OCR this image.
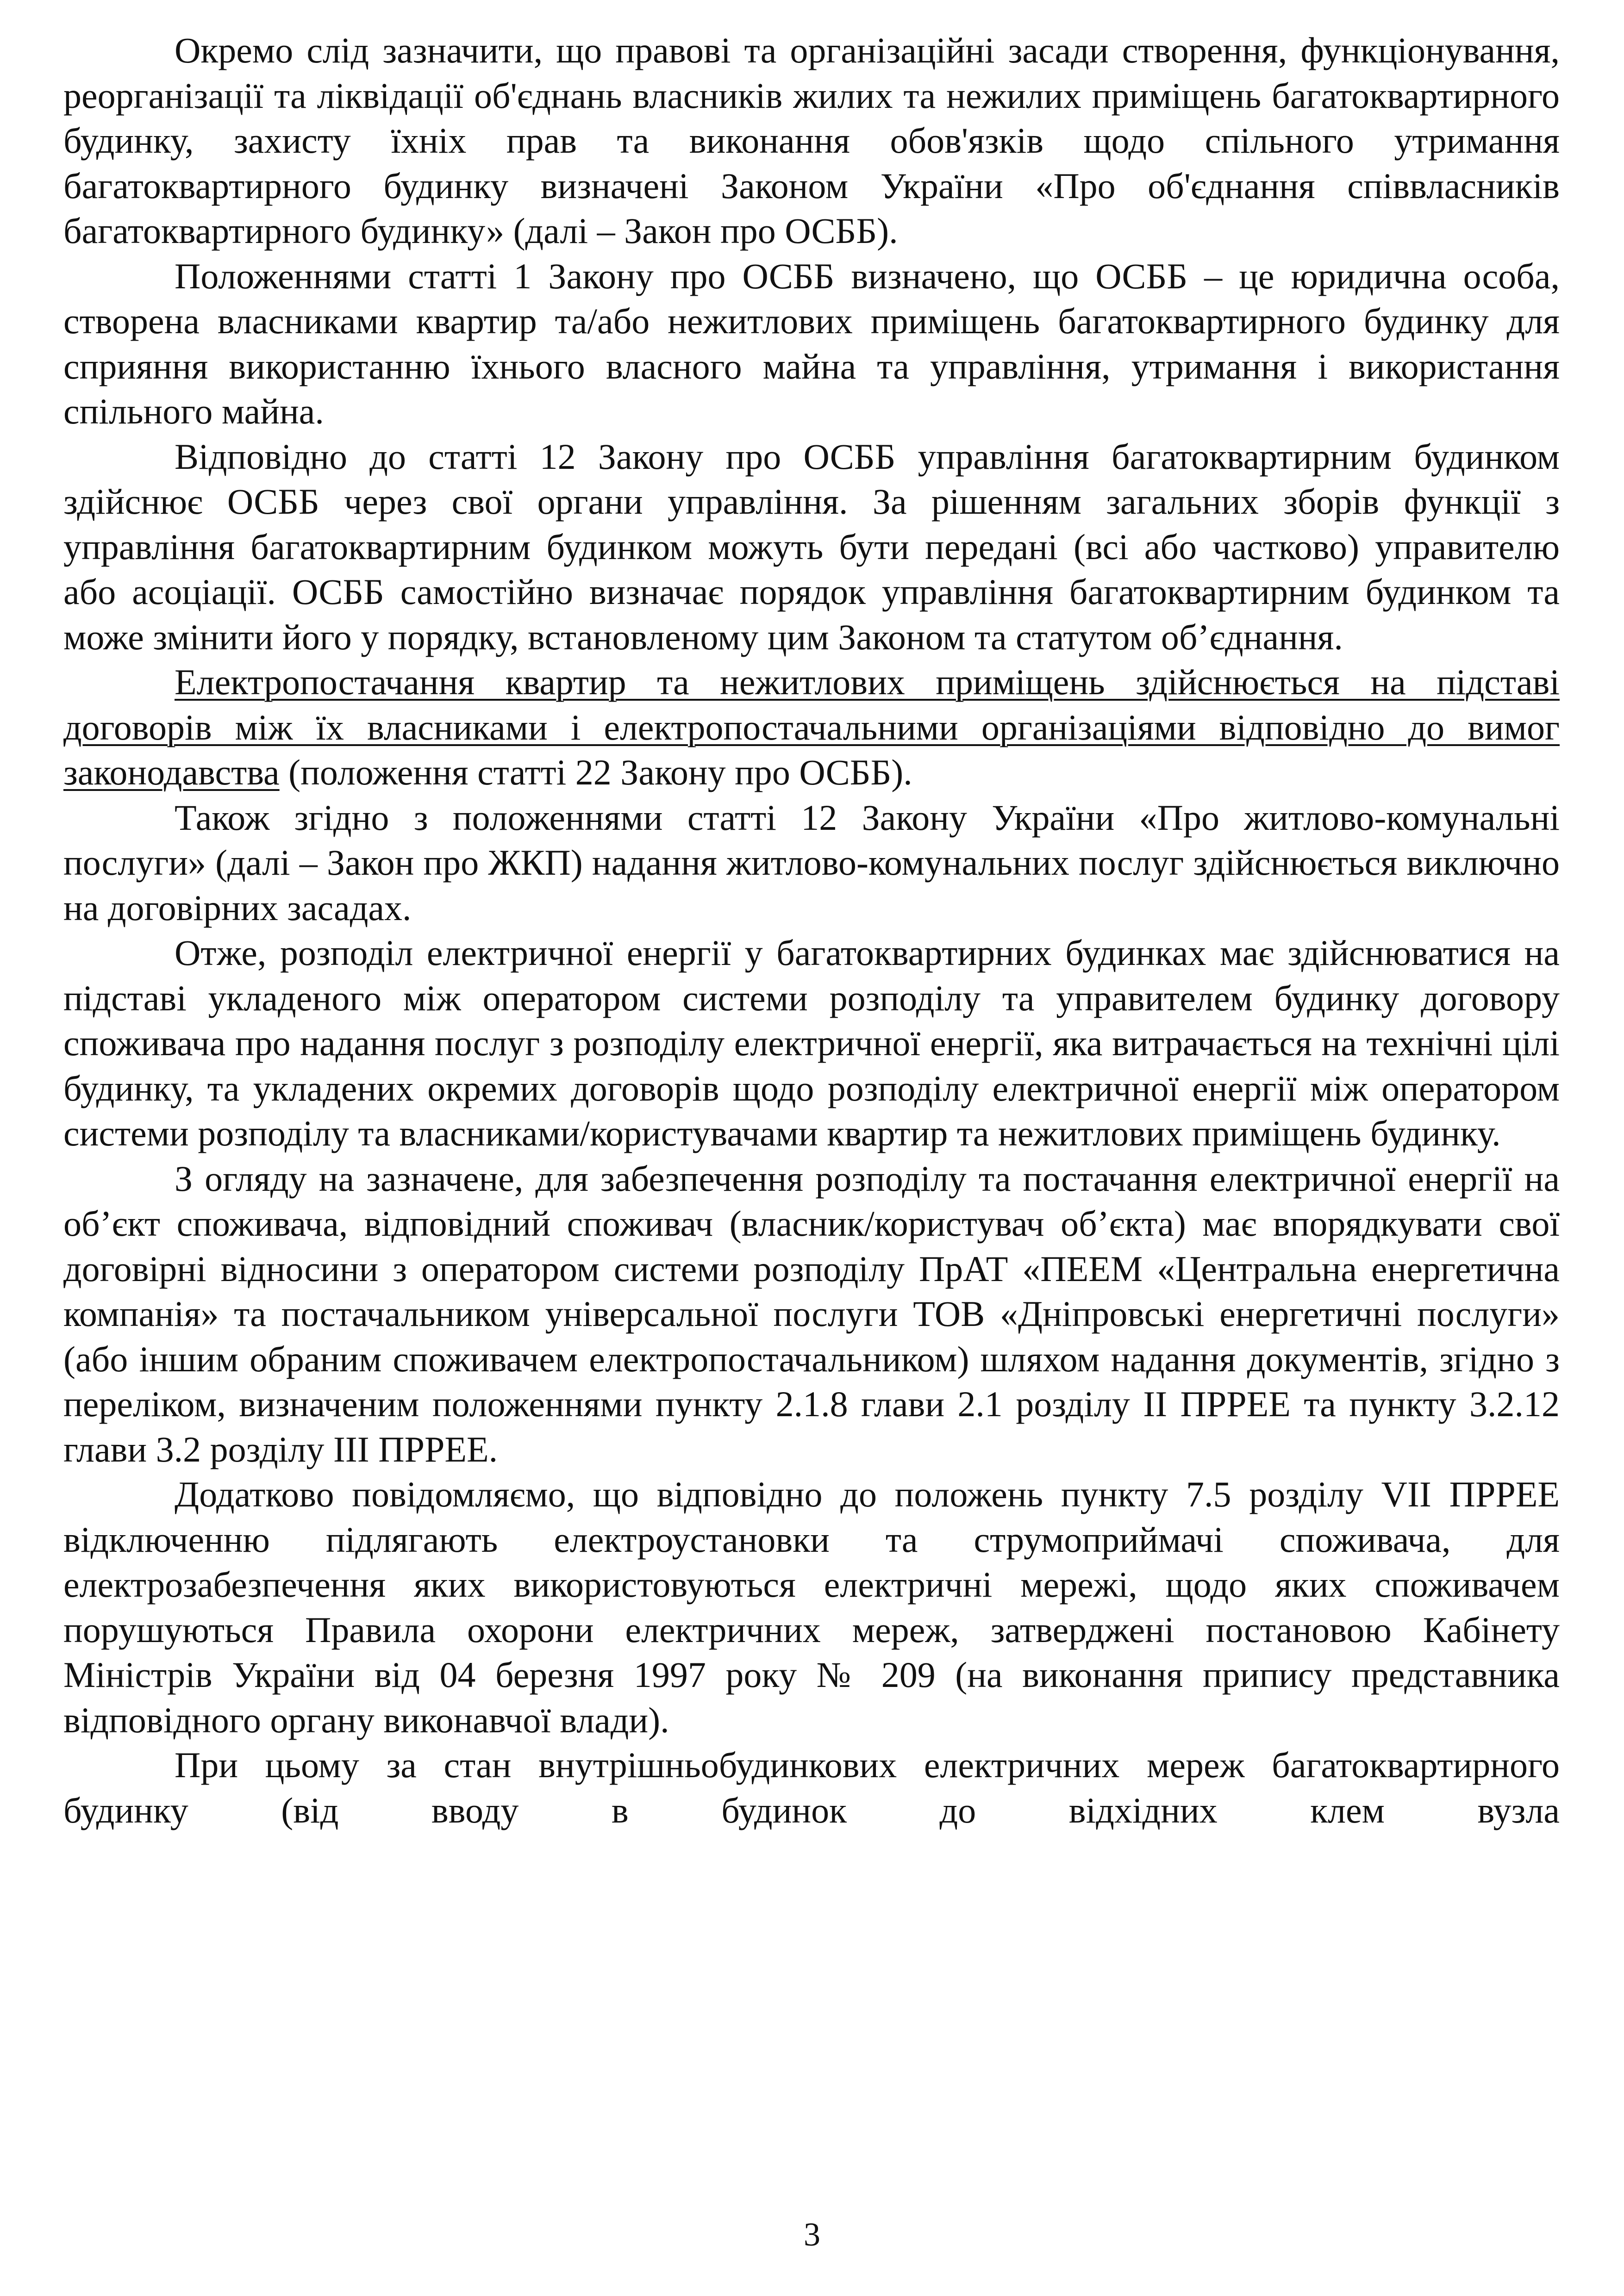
Окремо слід зазначити, що правові та організаційні засади створення, функціонування, реорганізації та ліквідації об'єднань власників жилих та нежилих приміщень багатоквартирного будинку, захисту їхніх прав та виконання обов'язків щодо спільного утримання багатоквартирного будинку визначені Законом України «Про об'єднання співвласників багатоквартирного будинку» (далі – Закон про ОСББ).

Положеннями статті 1 Закону про ОСББ визначено, що ОСББ – це юридична особа, створена власниками квартир та/або нежитлових приміщень багатоквартирного будинку для сприяння використанню їхнього власного майна та управління, утримання і використання спільного майна.

Відповідно до статті 12 Закону про ОСББ управління багатоквартирним будинком здійснює ОСББ через свої органи управління. За рішенням загальних зборів функції з управління багатоквартирним будинком можуть бути передані (всі або частково) управителю або асоціації. ОСББ самостійно визначає порядок управління багатоквартирним будинком та може змінити його у порядку, встановленому цим Законом та статутом об’єднання.

Електропостачання квартир та нежитлових приміщень здійснюється на підставі договорів між їх власниками і електропостачальними організаціями відповідно до вимог законодавства (положення статті 22 Закону про ОСББ).

Також згідно з положеннями статті 12 Закону України «Про житлово-комунальні послуги» (далі – Закон про ЖКП) надання житлово-комунальних послуг здійснюється виключно на договірних засадах.

Отже, розподіл електричної енергії у багатоквартирних будинках має здійснюватися на підставі укладеного між оператором системи розподілу та управителем будинку договору споживача про надання послуг з розподілу електричної енергії, яка витрачається на технічні цілі будинку, та укладених окремих договорів щодо розподілу електричної енергії між оператором системи розподілу та власниками/користувачами квартир та нежитлових приміщень будинку.

З огляду на зазначене, для забезпечення розподілу та постачання електричної енергії на об’єкт споживача, відповідний споживач (власник/користувач об’єкта) має впорядкувати свої договірні відносини з оператором системи розподілу ПрАТ «ПЕЕМ «Центральна енергетична компанія» та постачальником універсальної послуги ТОВ «Дніпровські енергетичні послуги» (або іншим обраним споживачем електропостачальником) шляхом надання документів, згідно з переліком, визначеним положеннями пункту 2.1.8 глави 2.1 розділу ІІ ПРРЕЕ та пункту 3.2.12 глави 3.2 розділу ІІІ ПРРЕЕ.

Додатково повідомляємо, що відповідно до положень пункту 7.5 розділу VII ПРРЕЕ відключенню підлягають електроустановки та струмоприймачі споживача, для електрозабезпечення яких використовуються електричні мережі, щодо яких споживачем порушуються Правила охорони електричних мереж, затверджені постановою Кабінету Міністрів України від 04 березня 1997 року № 209 (на виконання припису представника відповідного органу виконавчої влади).

При цьому за стан внутрішньобудинкових електричних мереж багатоквартирного будинку (від вводу в будинок до відхідних клем вузла

3
